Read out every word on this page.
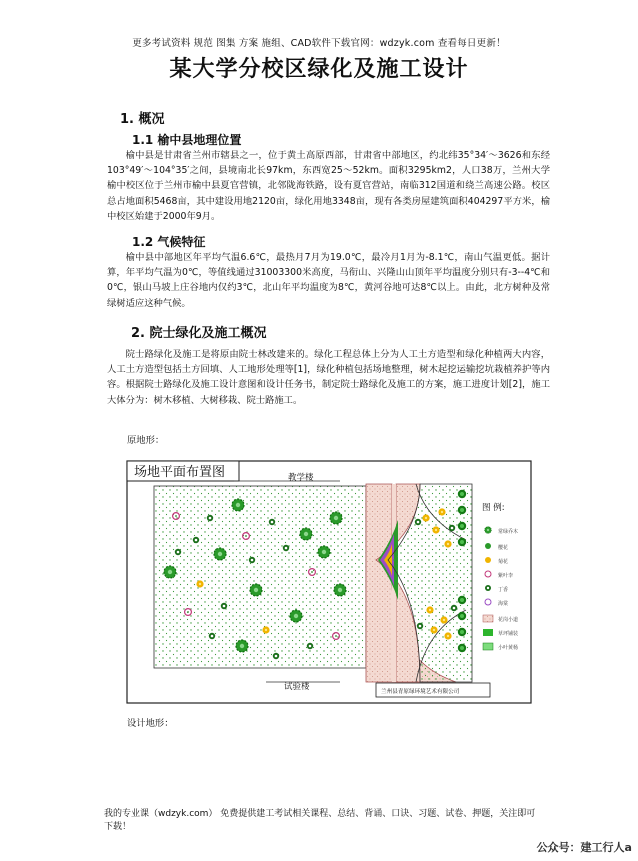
更多考试资料 规范 图集 方案 施组、CAD软件下载官网：wdzyk.com 查看每日更新！
某大学分校区绿化及施工设计
1. 概况
1.1 榆中县地理位置
榆中县是甘肃省兰州市辖县之一，位于黄土高原西部，甘肃省中部地区，约北纬35°34′～3626和东经103°49′～104°35′之间，县境南北长97km，东西宽25～52km。面积3295km2，人口38万，兰州大学榆中校区位于兰州市榆中县夏官营镇，北邻陇海铁路，设有夏官营站，南临312国道和绕兰高速公路。校区总占地面积5468亩，其中建设用地2120亩，绿化用地3348亩，现有各类房屋建筑面积404297平方米，榆中校区始建于2000年9月。
1.2 气候特征
榆中县中部地区年平均气温6.6℃，最热月7月为19.0℃，最冷月1月为-8.1℃，南山气温更低。据计算，年平均气温为0℃，等值线通过31003300米高度，马衔山、兴隆山山顶年平均温度分别只有-3--4℃和0℃，银山马坡上庄谷地内仅约3℃，北山年平均温度为8℃，黄河谷地可达8℃以上。由此，北方树种及常绿树适应这种气候。
2. 院士绿化及施工概况
院士路绿化及施工是将原由院士林改建来的。绿化工程总体上分为人工土方造型和绿化种植两大内容，人工土方造型包括土方回填、人工地形处理等[1]，绿化种植包括场地整理，树木起挖运输挖坑栽植养护等内容。根据院士路绿化及施工设计意图和设计任务书，制定院士路绿化及施工的方案，施工进度计划[2]，施工大体分为：树木移植、大树移栽、院士路施工。
原地形：
场地平面布置图	教学楼
试验楼
图 例:
常绿乔木
樱花
菊花
紫叶李
丁香
海棠
花岗小道
草坪铺装
小叶黄杨
兰州县青原绿环境艺术有限公司
设计地形：
我的专业课（wdzyk.com） 免费提供建工考试相关课程、总结、背诵、口诀、习题、试卷、押题，关注即可下载！
公众号：建工行人a
